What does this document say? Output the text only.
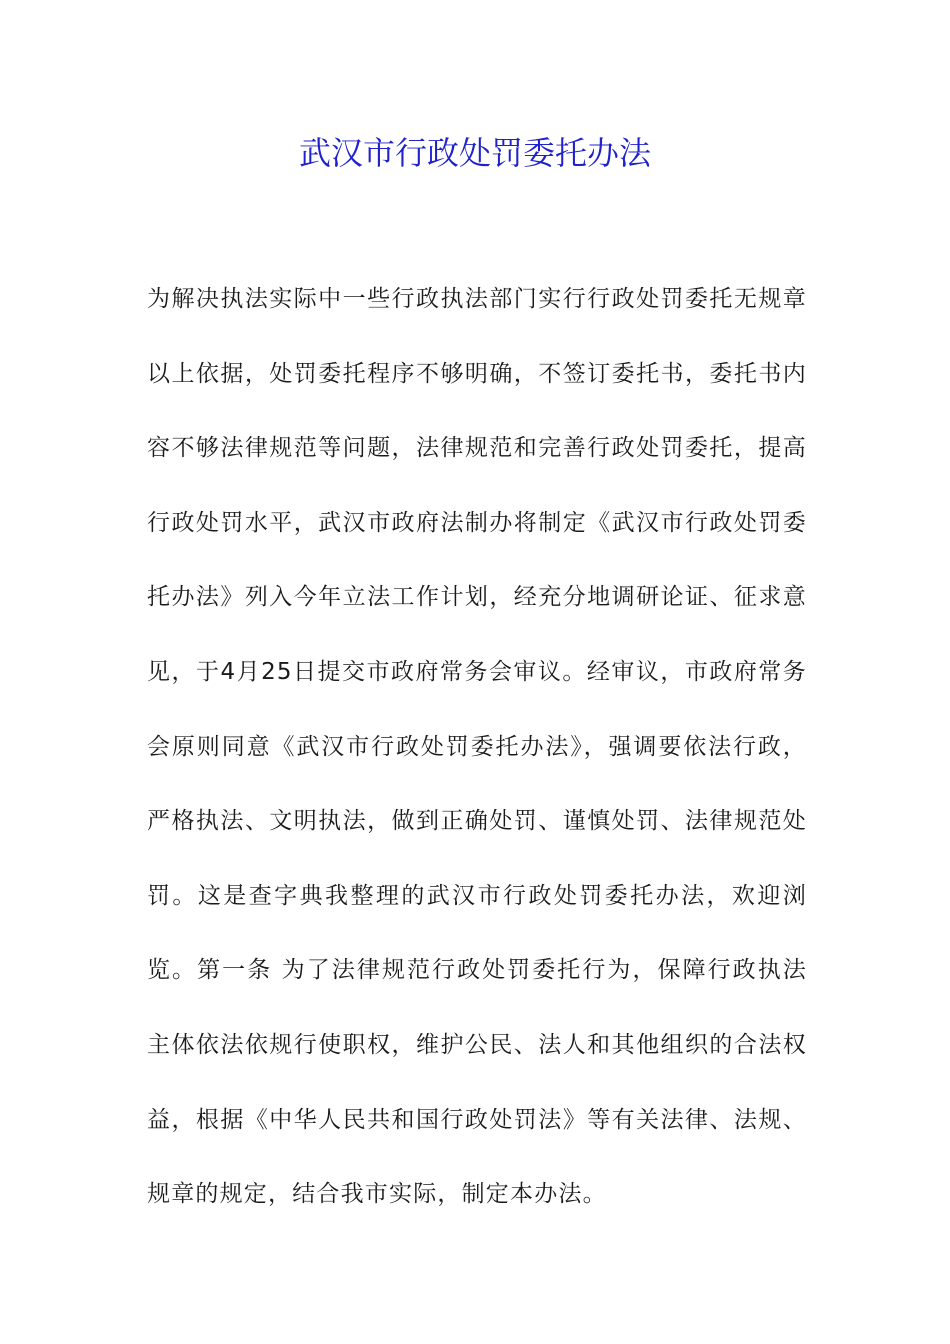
武汉市行政处罚委托办法

为解决执法实际中一些行政执法部门实行行政处罚委托无规章以上依据，处罚委托程序不够明确，不签订委托书，委托书内容不够法律规范等问题，法律规范和完善行政处罚委托，提高行政处罚水平，武汉市政府法制办将制定《武汉市行政处罚委托办法》列入今年立法工作计划，经充分地调研论证、征求意见，于4月25日提交市政府常务会审议。经审议，市政府常务会原则同意《武汉市行政处罚委托办法》，强调要依法行政，严格执法、文明执法，做到正确处罚、谨慎处罚、法律规范处罚。这是查字典我整理的武汉市行政处罚委托办法，欢迎浏览。第一条 为了法律规范行政处罚委托行为，保障行政执法主体依法依规行使职权，维护公民、法人和其他组织的合法权益，根据《中华人民共和国行政处罚法》等有关法律、法规、规章的规定，结合我市实际，制定本办法。
